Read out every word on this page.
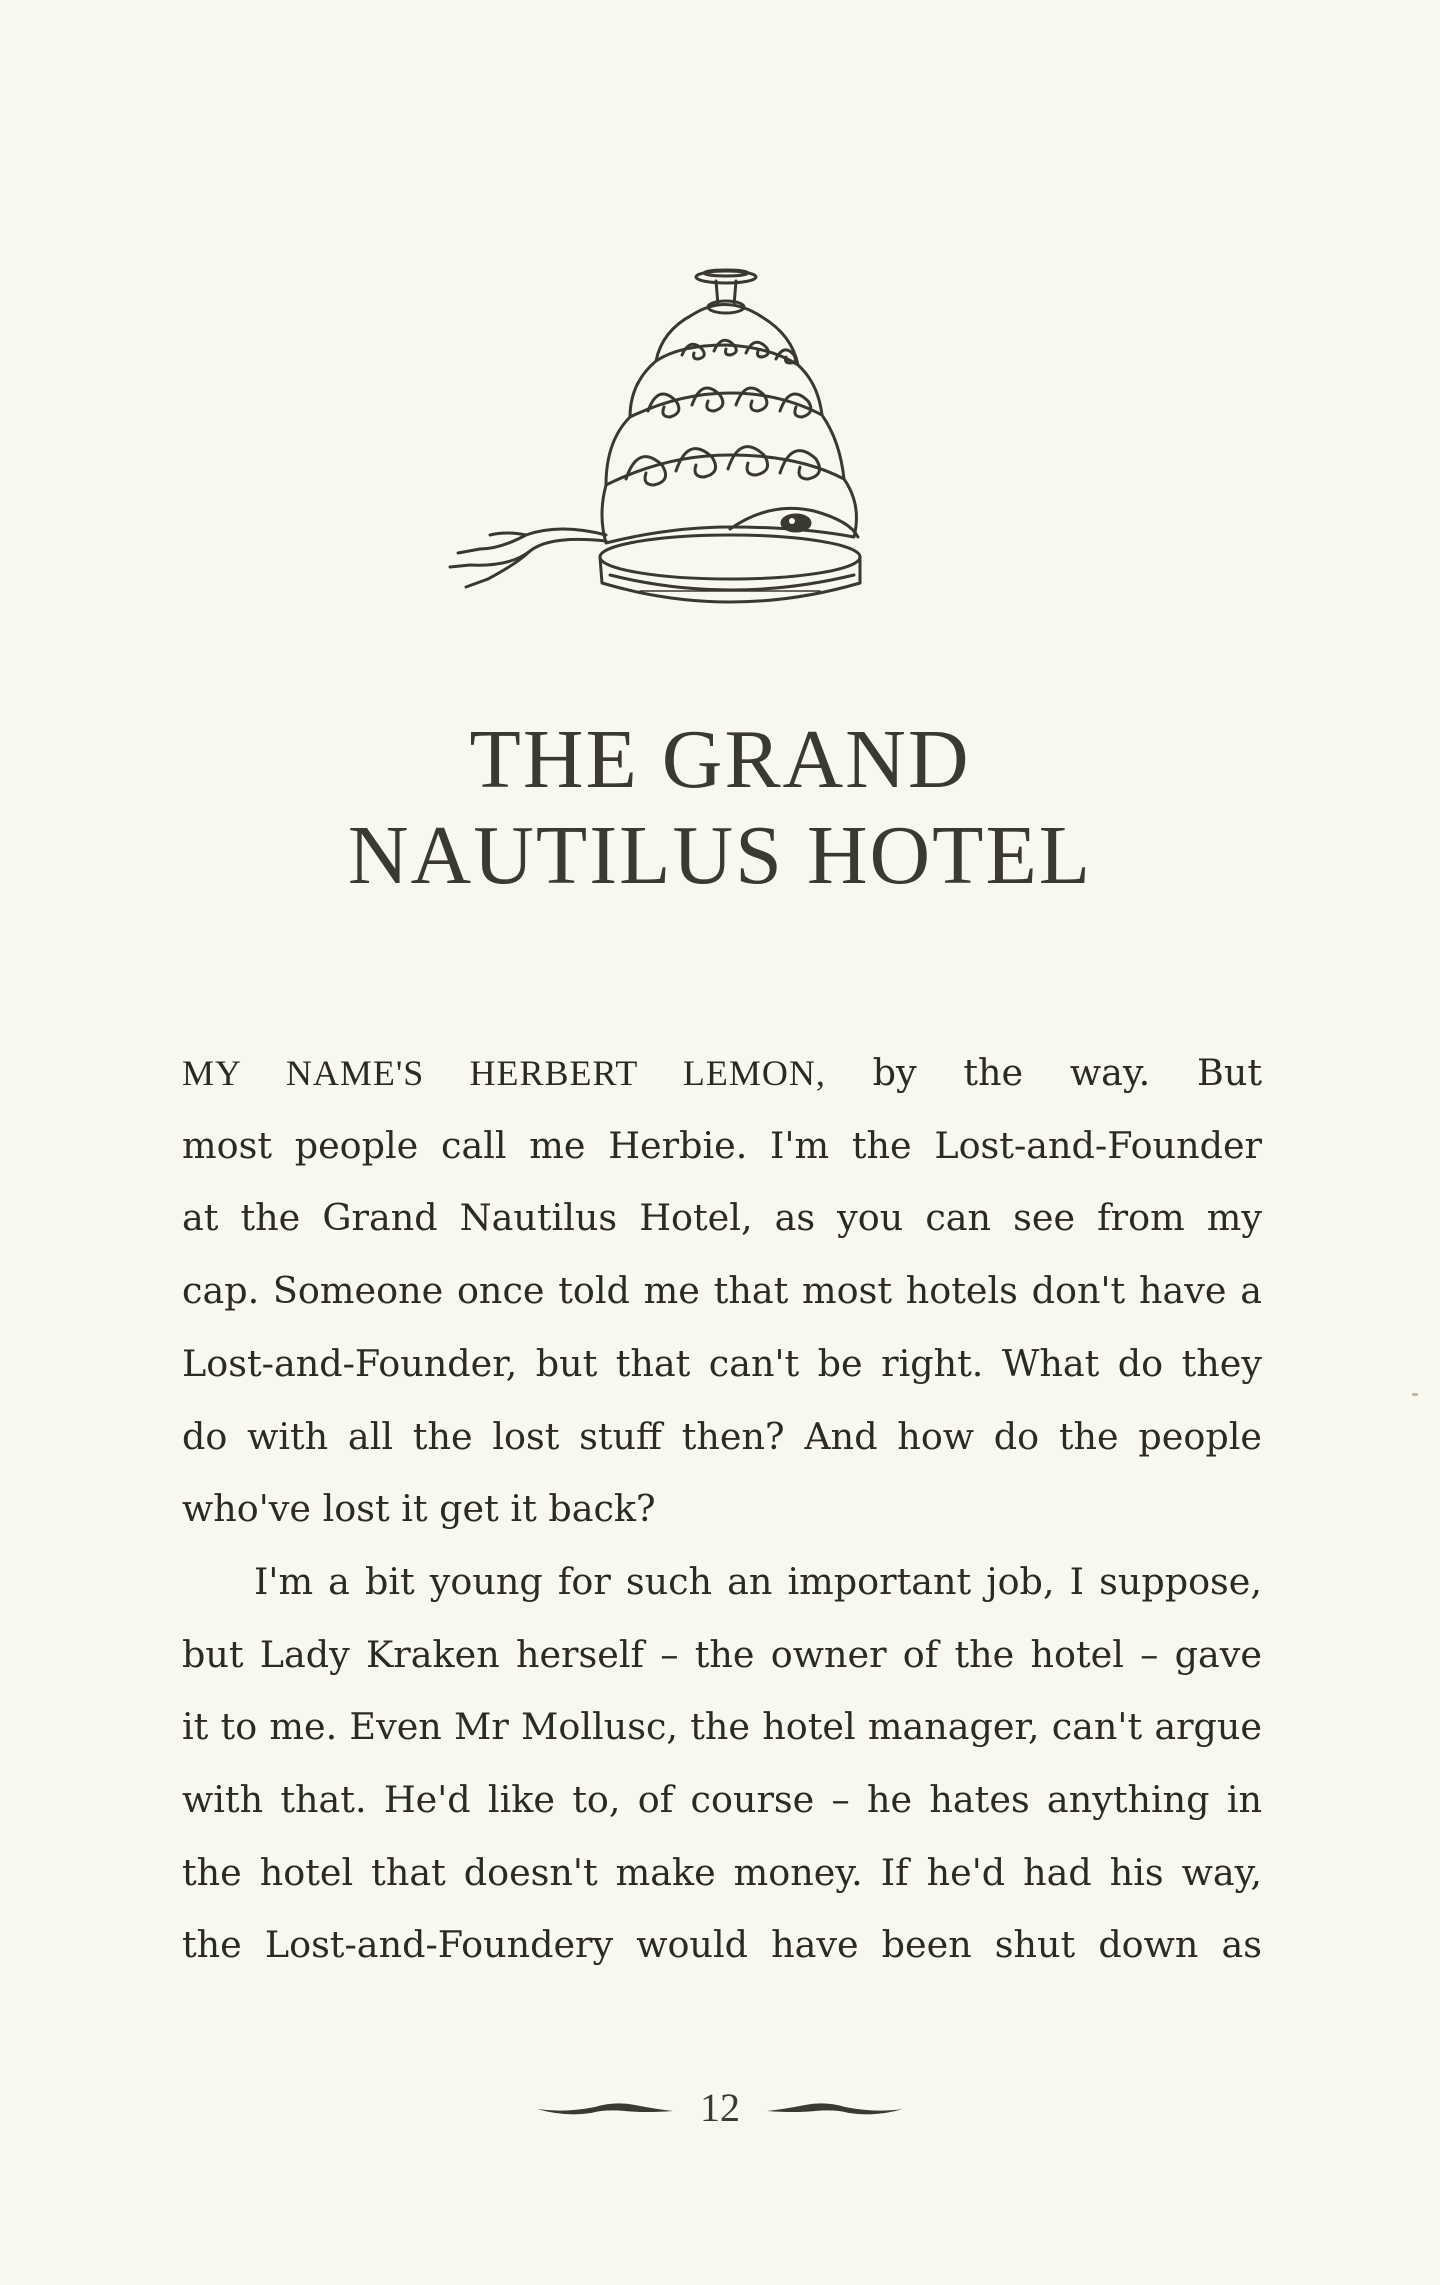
THE GRAND
NAUTILUS HOTEL
MY NAME'S HERBERT LEMON, by the way. But
most people call me Herbie. I'm the Lost-and-Founder
at the Grand Nautilus Hotel, as you can see from my
cap. Someone once told me that most hotels don't have a
Lost-and-Founder, but that can't be right. What do they
do with all the lost stuff then? And how do the people
who've lost it get it back?
I'm a bit young for such an important job, I suppose,
but Lady Kraken herself – the owner of the hotel – gave
it to me. Even Mr Mollusc, the hotel manager, can't argue
with that. He'd like to, of course – he hates anything in
the hotel that doesn't make money. If he'd had his way,
the Lost-and-Foundery would have been shut down as
12
